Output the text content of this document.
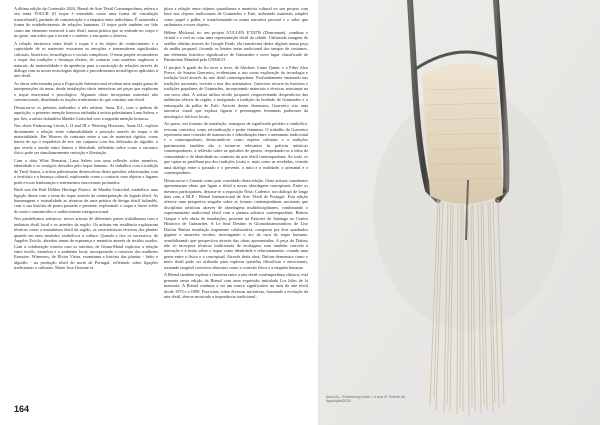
A última edição da Contextile 2024, Bienal de Arte Têxtil Contemporânea, reitera o seu tema TOUCH (O toque é entendido como uma forma de vinculação transcultural), partindo de comunicação e a empatia entre indivíduos. É assumida a forma de estabelecimento de relações humanas. O toque pode também ser lido como um elemento essencial à arte têxtil, numa prática que se entende no corpo e no gesto, nas mãos que o tecem e o sentem, e em quem o observa.

A relação intrínseca entre têxtil e toque é a do objeto de conhecimento e a capacidade de os materiais evocarem as emoções e transmitirem significados culturais, históricos, tecnológicos e sociais complexos. O tema propõe reconsiderar o toque dos tradições e heranças têxteis, do contacto com matérias orgânicas e naturais, da materialidade e da apetência para a construção de relações através do diálogo com as novas tecnologias digitais e procedimentos tecnológicos aplicados à arte têxtil.

As obras selecionadas para a Exposição Internacional revelam uma ampla gama de interpretações do tema, desde instalações táteis interativas até peças que exploram o toque emocional e psicológico. Algumas obras incorporam materiais não convencionais, desafiando as noções tradicionais do que constitui arte têxtil.

Destacou-se os prémios atribuídos a três artistas: Anna ILL, com o prémio de aquisição; o primeiro menção honrosa atribuída à artista palestiniana Lana Salem; e por fim, a artista holandesa Maaike Gottschal com a segunda menção honrosa.

Nas obras Embracing Limits I, II and III e Weaving Horizons, Anna ILL explora diretamente a relação entre vulnerabilidade e proteção através do toque e da materialidade. Em Weaves do contraste entre a sua de materiais rígidos, como barras de aço e esqueletos de ave, em conjunto com fios delicados de algodão, o que revela a tensão entre limites e liberdade, refletindo sobre como o encontro físico pode ser simultaneamente restrição e libertação.

Com a obra What Remains, Lana Salem traz uma reflexão sobre memória, identidade e os vestígios deixados pelo toque humano. As trabalhos com a tradição de Yusif Anani, a artista palestiniana desenvolveu desta questões relacionadas com o território e a herança cultural, explorando como o contacto com objetos e lugares pode evocar lembranças e sentimentos emocionais profundos.

Birth was the Raft Dobber Heritage Protect, de Maaike Gottschal, estabelece uma ligação direta com o tema do toque através da reinterpretação do legado têxtil. As homenagens e textualidade as técnicas de uma prática de design têxtil holandês, com a sua história de ponto passado e presente, explorando o toque a haver sobre do mais e transmitidos o conhecimento intergeracional.

Nos paralelismos artísticos, novos artistas de diferentes países trabalharam com a indústria têxtil local e os artesãos da região. Os artistas em residência exploraram técnicas como a manufatura têxtil da região, as características técnicas dos plantas quando em nem símbolos simbólicos à cultura. Quando a fios os sucessivos. de Angeles Escolo, abordou temas de esperança e memória através de tecidos usados. Com a colaboração estreita com os artesãos, de Ginan-Maral explorou a relação entre tecido, memória e o ambiente local, incorporando o contexto dos mulheres Enrustas: Witnesses, de Elvira Vieira, examinam a história das plantas - linho e algodão - na produção têxtil do norte de Portugal, refletindo sobre ligações tradicionais e culturais. Marie Jose Gestone et.

plora a relação entre objetos quotidianos e memória cultural no seu projeto com base nos objetos tradicionais de Guimarães e Fafe, utilizando materiais simples como papel e palha, e transformando-os numa narrativa pessoal e o valor que atribuímos a esses objetos.

Hélène Mickaud, no seu projeto A'ULLEN E'TAT'R (Dominante), combina o virtual e o real ao criar uma representação têxtil da cidade. Utilizando imagens de satélite obtidas através do Google Earth, ela transforma dados digitais numa peça de malha jacquard, focando os limites entre tradicional dos tampos de costumes, um elemento histórico significativo de Guimarães e nove lugar classificado de Património Mundial pela UNESCO.

O projeto A grade do fio tecer a tecer, de Abirbert, Liane Quinn, e a Fiber Alex Pierce, de Suzana Guerreiro, evidenciam o uso como exploração da tecnologia e tradição local através da arte têxtil contemporânea. Profundamente enraizado nas tradições nacionais, revisita o teor dos artesanatos. Guerreiro recorre às histórias e tradições populares de Guimarães, incorporando materiais e técnicas artesanais na sua nova obra. A artista utiliza tecido jacquard, reaproveitando desperdícios das indústrias têxteis da região, e integrando a tradição do bordado de Guimarães e o entrançado da palha de Fafe. Através destes elementos, Guerreiro cria uma narrativa visual que explora figuras e personagens femininas poderosas da mitologia e folclore locais.

Ao passo, em formato de instalação, entregues de significado perfeito e simbólico, evocam conceitos como reivindicação e poder feminino. O trabalho de Guerreiro representa uma conexão de manuscrito e hibridização entre o artesanato tradicional e o contemporâneo, destacando-se como aspetos culturais e a tradições patrimoniais também são a tornar-se relevantes às práticas artísticas contemporâneas, à reflexão sobre as questões de género, respeitando-se a ideia de comunidade e de identidade no contexto da arte têxtil contemporânea. Ao todo, os que optou-se partilham por dos tradições locais e, mais como as recebidas, criando uma dialógo entre o passado e o presente, o mito e a realidade, o artesanal e o contemporâneo.

Destacou-se o Canada como país convidado desta edição. Onze artistas canadianos apresentaram obras que ligam o têxtil a novas abordagens conceptuais. Entre os mesmos participantes, destaca-se a exposição Nóta: Cadence, um diálogo de longa data com a BLP - Bienal Internacional de Arte Têxtil de Portugal. Esta edição oferece uma perspetiva singular sobre as formas contemporâneas nacionais que disciplinar artísticas através de abordagens multidisciplinares, combinando o experimentado tradicional têxtil com a pintura artística contemporânea. Beatriz Gaspar e três obras de instalações, presente na Palacete de Santiago no Centro Histórico de Guimarães. A Le Soul Destino et Glomodatamoxinhon. de Lise Dufour Batista instalação imponente colaborativa, composta por dois quadrados gigante e amarelos tecidos, investigando o ato da cura do toque humano, sensibilizando que perspectiva através das obras apresentadas. A peça da Dufour não só incorpora técnicas tradicionais de tecelagem, mas também convida à interação e à fusão sobre o toque como identidade e relacionamento, criando uma ponte entre o físico e o conceptual. Através desta obra, Dufour demonstra como o meio têxtil pode ser utilizado para explorar questões filosóficas e emocionais, tornando tangível conceitos abstratos como a conexão física e a empatia humana.

A Bienal também explora a fronteira entre a arte têxtil contemporânea clássica, está presente nesta edição da Bienal com uma expressão intitulada Los hilos de la memoria. A Bienal continua a ser um marco significativo na área da arte têxtil desde 1973 e a 1999. Para mais, sobre diversas iniciativas, formando a evolução da arte têxtil, têm-se mostrado a importância tradicional...

164
Anna ILL, Embracing Limits I, II and III. Prémio de Aquisição/2024.
